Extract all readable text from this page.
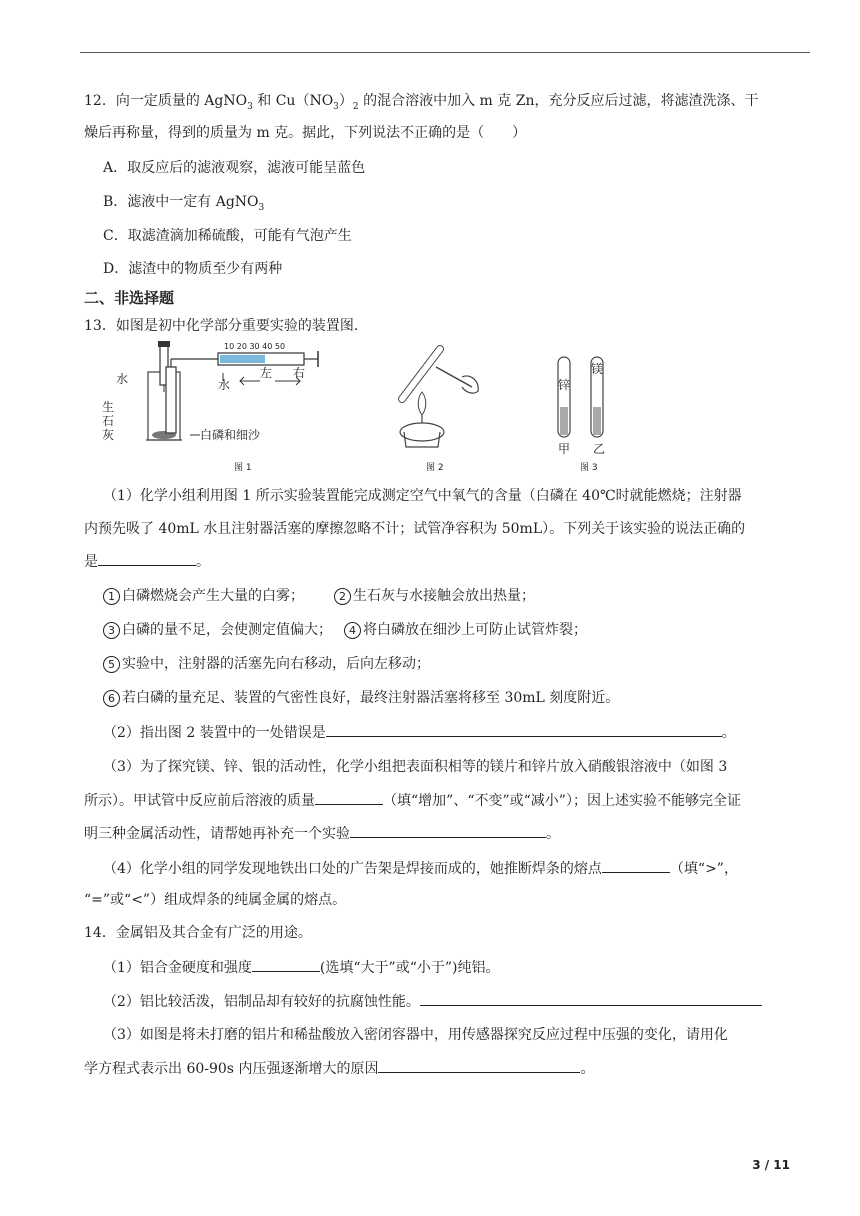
12．向一定质量的 AgNO$_3$ 和 $Cu(NO_3)_2$ 的混合溶液中加入 m 克 Zn，充分反应后过滤，将滤渣洗涤、干
燥后再称量，得到的质量为 m 克。据此，下列说法不正确的是（　　）
A．取反应后的滤液观察，滤液可能呈蓝色
B．滤液中一定有 AgNO$_3$
C．取滤渣滴加稀硫酸，可能有气泡产生
D．滤渣中的物质至少有两种
二、非选择题
13．如图是初中化学部分重要实验的装置图.
水
生
石
灰	白磷和细沙
10 20 30 40 50
水
左 右
锌
镁
甲 乙
图 1	图 2	图 3
（1）化学小组利用图 1 所示实验装置能完成测定空气中氧气的含量（白磷在 40℃时就能燃烧；注射器
内预先吸了 40mL 水且注射器活塞的摩擦忽略不计；试管净容积为 50mL）。下列关于该实验的说法正确的
是	。
1 白磷燃烧会产生大量的白雾；	2 生石灰与水接触会放出热量；
3 白磷的量不足，会使测定值偏大； 4 将白磷放在细沙上可防止试管炸裂；
5 实验中，注射器的活塞先向右移动，后向左移动；
6 若白磷的量充足、装置的气密性良好，最终注射器活塞将移至 30mL 刻度附近。
（2）指出图 2 装置中的一处错误是	。
（3）为了探究镁、锌、银的活动性，化学小组把表面积相等的镁片和锌片放入硝酸银溶液中（如图 3
所示）。甲试管中反应前后溶液的质量	（填“增加”、“不变”或“减小”）；因上述实验不能够完全证
明三种金属活动性，请帮她再补充一个实验	。
（4）化学小组的同学发现地铁出口处的广告架是焊接而成的，她推断焊条的熔点	（填“>”，
“=”或“<”）组成焊条的纯属金属的熔点。
14．金属铝及其合金有广泛的用途。
（1）铝合金硬度和强度	(选填“大于”或“小于”)纯铝。
（2）铝比较活泼，铝制品却有较好的抗腐蚀性能。
（3）如图是将未打磨的铝片和稀盐酸放入密闭容器中，用传感器探究反应过程中压强的变化，请用化
学方程式表示出 60-90s 内压强逐渐增大的原因	。
3 / 11
